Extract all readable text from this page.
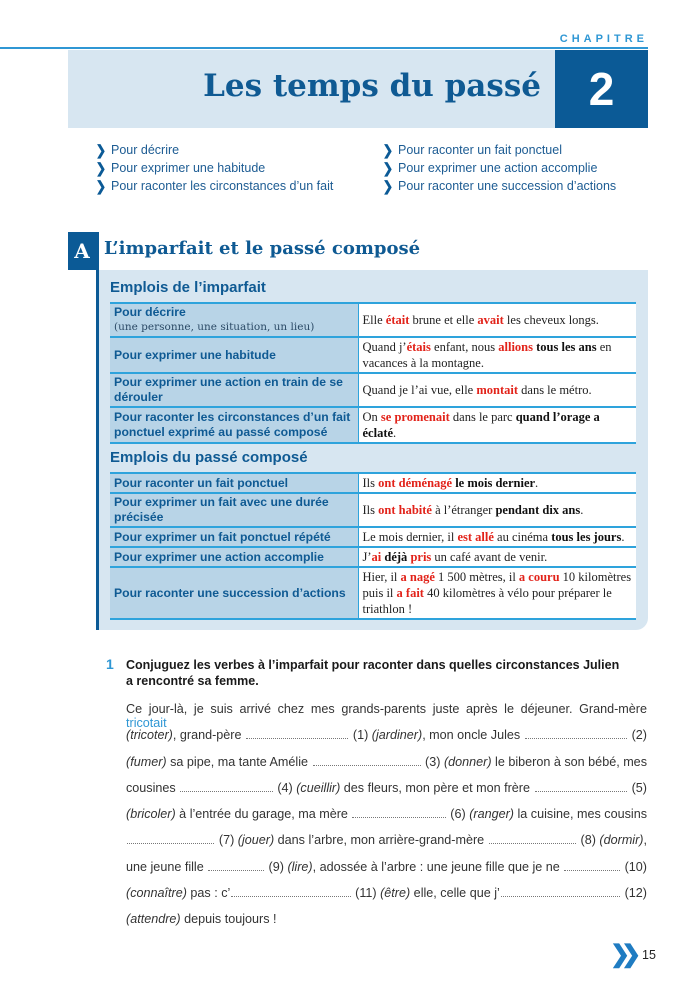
CHAPITRE
Les temps du passé	2
❯ Pour décrire
❯ Pour exprimer une habitude
❯ Pour raconter les circonstances d’un fait
❯ Pour raconter un fait ponctuel
❯ Pour exprimer une action accomplie
❯ Pour raconter une succession d’actions
A L’imparfait et le passé composé
Emplois de l’imparfait
Pour décrire
(une personne, une situation, un lieu)	Elle était brune et elle avait les cheveux longs.
Pour exprimer une habitude	Quand j’étais enfant, nous allions tous les ans en vacances à la montagne.
Pour exprimer une action en train de se dérouler	Quand je l’ai vue, elle montait dans le métro.
Pour raconter les circonstances d’un fait ponctuel exprimé au passé composé	On se promenait dans le parc quand l’orage a éclaté.
Emplois du passé composé
Pour raconter un fait ponctuel	Ils ont déménagé le mois dernier.
Pour exprimer un fait avec une durée précisée	Ils ont habité à l’étranger pendant dix ans.
Pour exprimer un fait ponctuel répété	Le mois dernier, il est allé au cinéma tous les jours.
Pour exprimer une action accomplie	J’ai déjà pris un café avant de venir.
Pour raconter une succession d’actions	Hier, il a nagé 1 500 mètres, il a couru 10 kilomètres puis il a fait 40 kilomètres à vélo pour préparer le triathlon !
1 Conjuguez les verbes à l’imparfait pour raconter dans quelles circonstances Julien a rencontré sa femme.
Ce jour-là, je suis arrivé chez mes grands-parents juste après le déjeuner. Grand-mère tricotait
(tricoter) , grand-père	(1) (jardiner) , mon oncle Jules	(2)
(fumer) sa pipe, ma tante Amélie	(3) (donner) le biberon à son bébé, mes
cousines	(4) (cueillir) des fleurs, mon père et mon frère	(5)
(bricoler) à l’entrée du garage, ma mère	(6) (ranger) la cuisine, mes cousins
(7) (jouer) dans l’arbre, mon arrière-grand-mère	(8) (dormir) ,
une jeune fille	(9) (lire) , adossée à l’arbre : une jeune fille que je ne	(10)
(connaître) pas : c’	(11) (être) elle, celle que j’	(12)
(attendre) depuis toujours !
❯❯ 15
